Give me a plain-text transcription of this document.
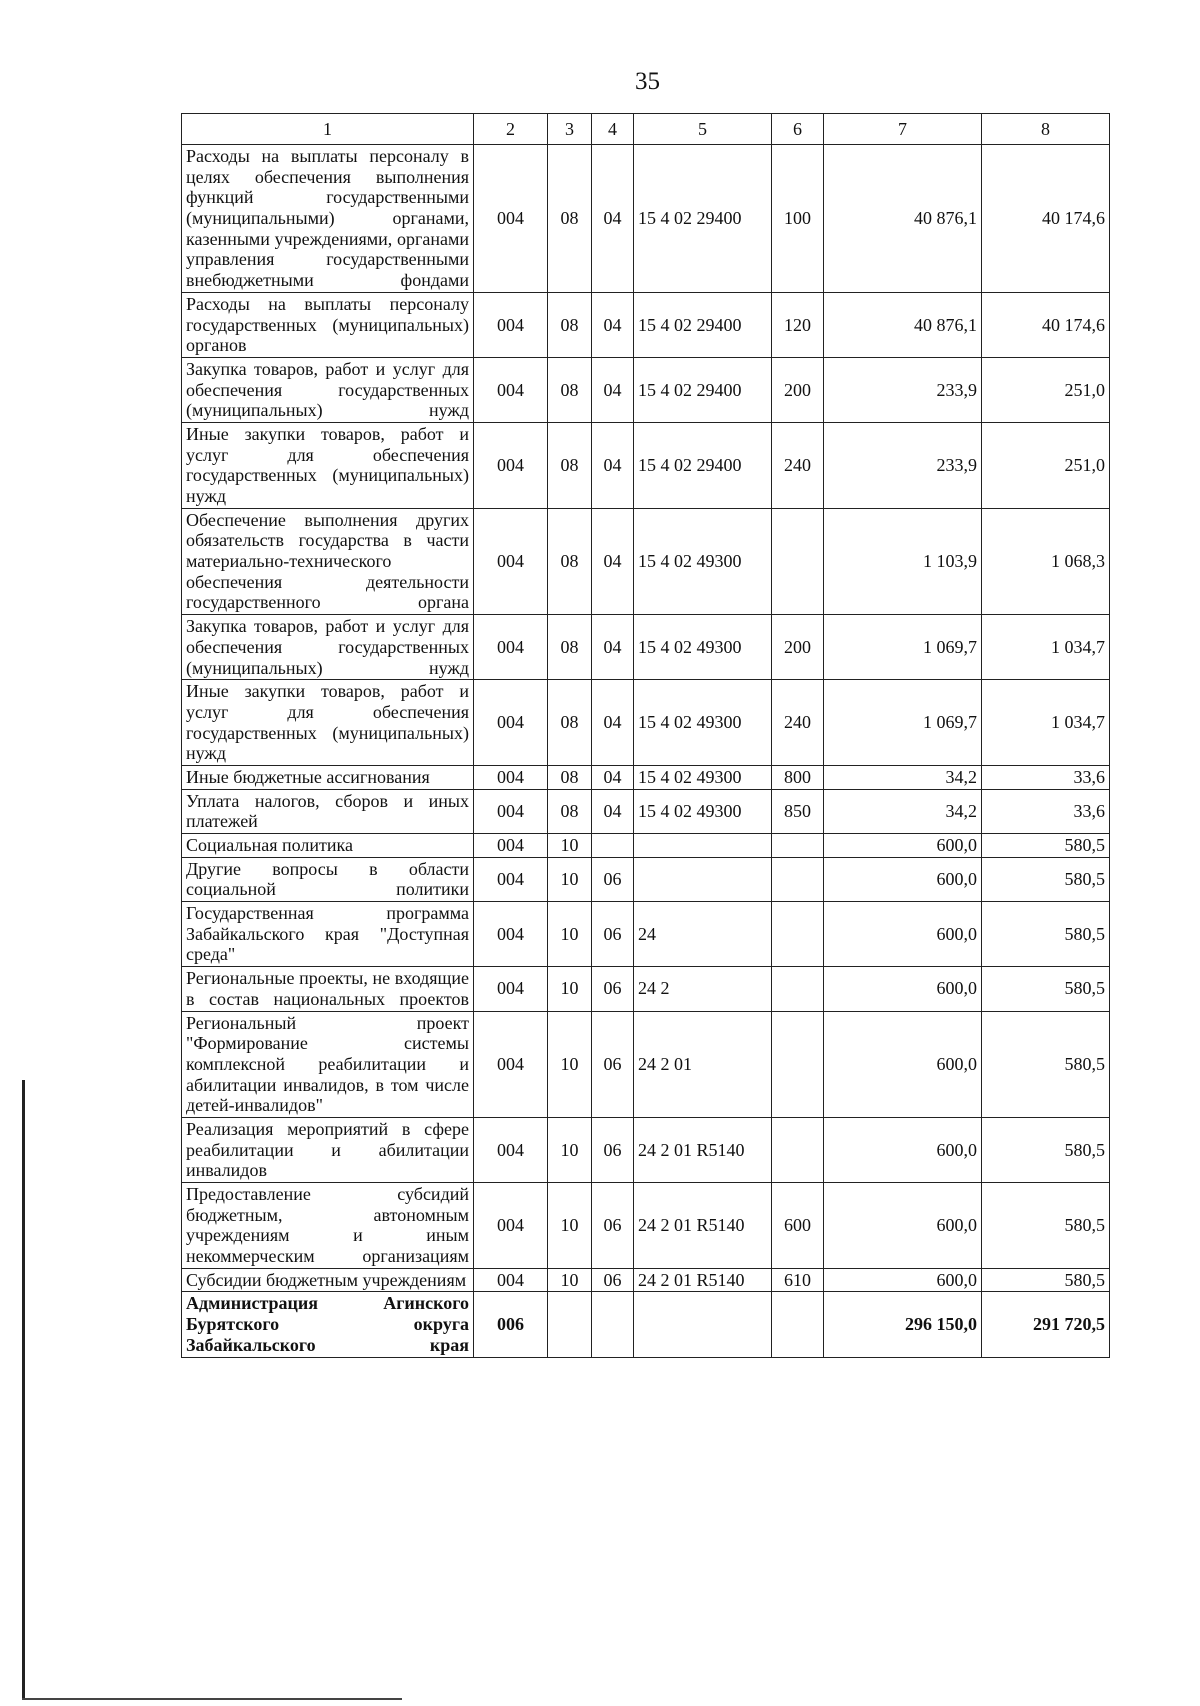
35
1	2	3	4	5	6	7	8
Расходы на выплаты персоналу в целях обеспечения выполнения функций государственными (муниципальными) органами, казенными учреждениями, органами управления государственными внебюджетными фондами	004	08	04	15 4 02 29400	100	40 876,1	40 174,6
Расходы на выплаты персоналу государственных (муниципальных) органов	004	08	04	15 4 02 29400	120	40 876,1	40 174,6
Закупка товаров, работ и услуг для обеспечения государственных (муниципальных) нужд	004	08	04	15 4 02 29400	200	233,9	251,0
Иные закупки товаров, работ и услуг для обеспечения государственных (муниципальных) нужд	004	08	04	15 4 02 29400	240	233,9	251,0
Обеспечение выполнения других обязательств государства в части материально-технического обеспечения деятельности государственного органа	004	08	04	15 4 02 49300		1 103,9	1 068,3
Закупка товаров, работ и услуг для обеспечения государственных (муниципальных) нужд	004	08	04	15 4 02 49300	200	1 069,7	1 034,7
Иные закупки товаров, работ и услуг для обеспечения государственных (муниципальных) нужд	004	08	04	15 4 02 49300	240	1 069,7	1 034,7
Иные бюджетные ассигнования	004	08	04	15 4 02 49300	800	34,2	33,6
Уплата налогов, сборов и иных платежей	004	08	04	15 4 02 49300	850	34,2	33,6
Социальная политика	004	10				600,0	580,5
Другие вопросы в области социальной политики	004	10	06			600,0	580,5
Государственная программа Забайкальского края "Доступная среда"	004	10	06	24		600,0	580,5
Региональные проекты, не входящие в состав национальных проектов	004	10	06	24 2		600,0	580,5
Региональный проект "Формирование системы комплексной реабилитации и абилитации инвалидов, в том числе детей-инвалидов"	004	10	06	24 2 01		600,0	580,5
Реализация мероприятий в сфере реабилитации и абилитации инвалидов	004	10	06	24 2 01 R5140		600,0	580,5
Предоставление субсидий бюджетным, автономным учреждениям и иным некоммерческим организациям	004	10	06	24 2 01 R5140	600	600,0	580,5
Субсидии бюджетным учреждениям	004	10	06	24 2 01 R5140	610	600,0	580,5
Администрация Агинского Бурятского округа Забайкальского края	006					296 150,0	291 720,5
